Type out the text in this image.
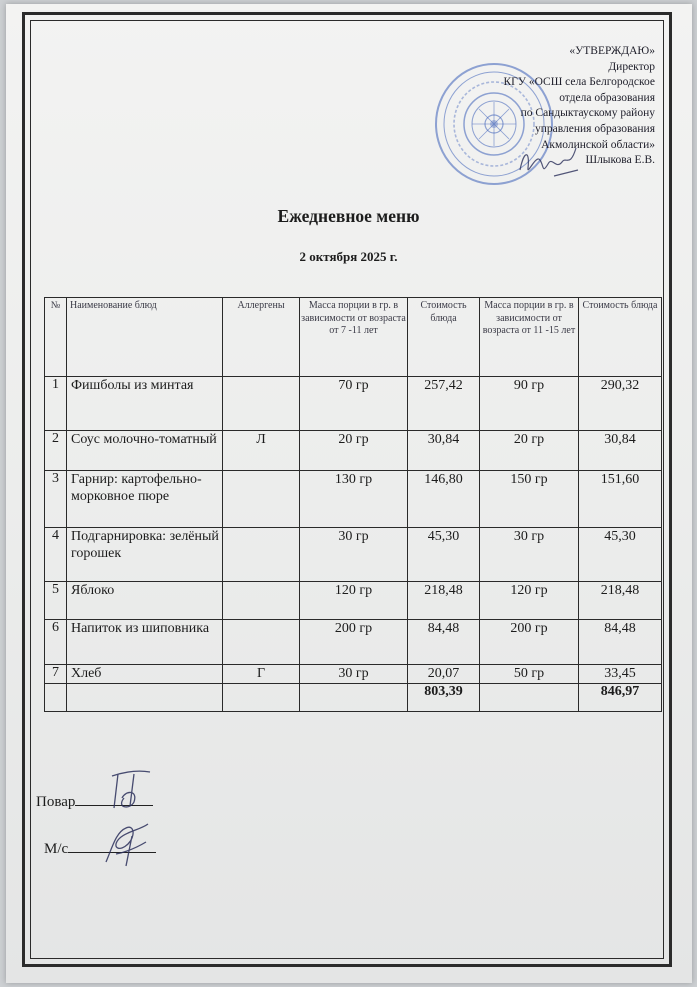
«УТВЕРЖДАЮ»
Директор
КГУ «ОСШ села Белгородское
отдела образования
по Сандыктаускому району
управления образования
Акмолинской области»
Шлыкова Е.В.
Ежедневное меню
2 октября 2025 г.
№	Наименование блюд	Аллергены	Масса порции в гр. в зависимости от возраста от 7 -11 лет	Стоимость блюда	Масса порции в гр. в зависимости от возраста от 11 -15 лет	Стоимость блюда
1	Фишболы из минтая		70 гр	257,42	90 гр	290,32
2	Соус молочно-томатный	Л	20 гр	30,84	20 гр	30,84
3	Гарнир: картофельно-морковное пюре		130 гр	146,80	150 гр	151,60
4	Подгарнировка: зелёный горошек		30 гр	45,30	30 гр	45,30
5	Яблоко		120 гр	218,48	120 гр	218,48
6	Напиток из шиповника		200 гр	84,48	200 гр	84,48
7	Хлеб	Г	30 гр	20,07	50 гр	33,45
				803,39		846,97
Повар
М/с
